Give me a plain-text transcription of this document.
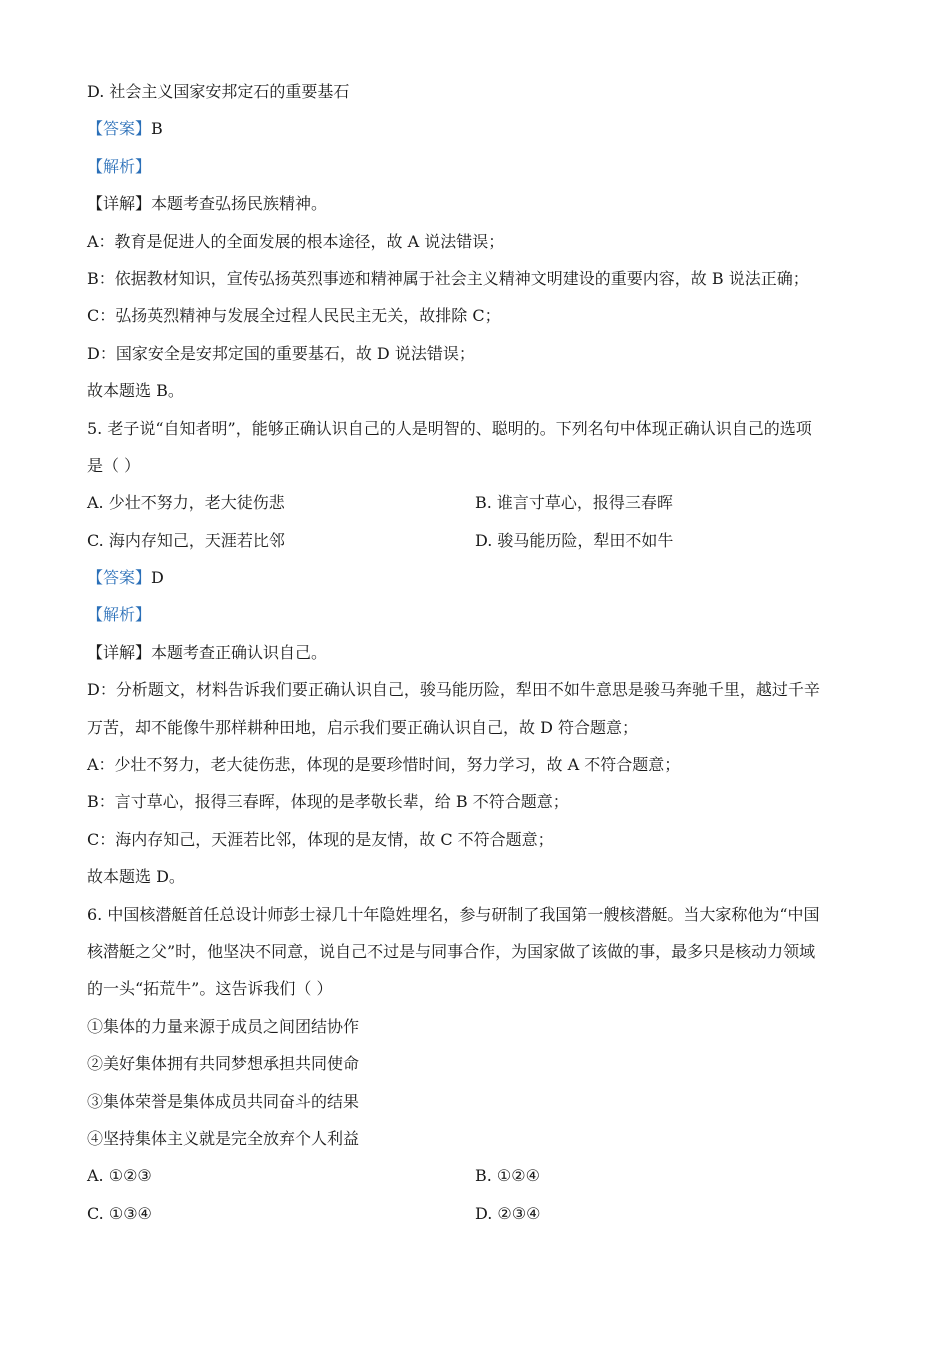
D. 社会主义国家安邦定石的重要基石
【答案】B
【解析】
【详解】本题考查弘扬民族精神。
A：教育是促进人的全面发展的根本途径，故 A 说法错误；
B：依据教材知识，宣传弘扬英烈事迹和精神属于社会主义精神文明建设的重要内容，故 B 说法正确；
C：弘扬英烈精神与发展全过程人民民主无关，故排除 C；
D：国家安全是安邦定国的重要基石，故 D 说法错误；
故本题选 B。
5. 老子说“自知者明”，能够正确认识自己的人是明智的、聪明的。下列名句中体现正确认识自己的选项
是（ ）
A. 少壮不努力，老大徒伤悲	B. 谁言寸草心，报得三春晖
C. 海内存知己，天涯若比邻	D. 骏马能历险，犁田不如牛
【答案】D
【解析】
【详解】本题考查正确认识自己。
D：分析题文，材料告诉我们要正确认识自己，骏马能历险，犁田不如牛意思是骏马奔驰千里，越过千辛
万苦，却不能像牛那样耕种田地，启示我们要正确认识自己，故 D 符合题意；
A：少壮不努力，老大徒伤悲，体现的是要珍惜时间，努力学习，故 A 不符合题意；
B：言寸草心，报得三春晖，体现的是孝敬长辈，给 B 不符合题意；
C：海内存知己，天涯若比邻，体现的是友情，故 C 不符合题意；
故本题选 D。
6. 中国核潜艇首任总设计师彭士禄几十年隐姓埋名，参与研制了我国第一艘核潜艇。当大家称他为“中国
核潜艇之父”时，他坚决不同意，说自己不过是与同事合作，为国家做了该做的事，最多只是核动力领域
的一头“拓荒牛”。这告诉我们（ ）
①集体的力量来源于成员之间团结协作
②美好集体拥有共同梦想承担共同使命
③集体荣誉是集体成员共同奋斗的结果
④坚持集体主义就是完全放弃个人利益
A. ①②③	B. ①②④
C. ①③④	D. ②③④
